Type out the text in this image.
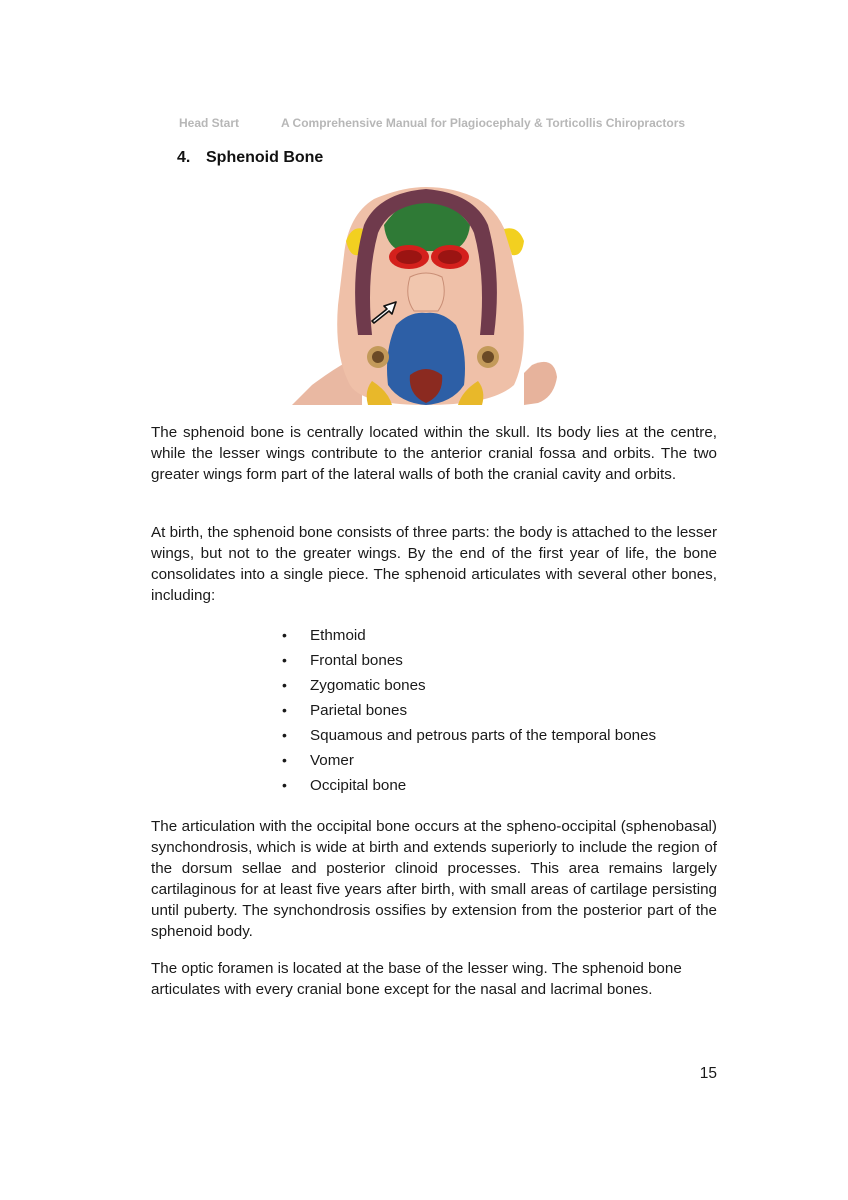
Head Start	A Comprehensive Manual for Plagiocephaly & Torticollis Chiropractors
4. Sphenoid Bone

The sphenoid bone is centrally located within the skull. Its body lies at the centre, while the lesser wings contribute to the anterior cranial fossa and orbits. The two greater wings form part of the lateral walls of both the cranial cavity and orbits.

At birth, the sphenoid bone consists of three parts: the body is attached to the lesser wings, but not to the greater wings. By the end of the first year of life, the bone consolidates into a single piece. The sphenoid articulates with several other bones, including:

• Ethmoid
• Frontal bones
• Zygomatic bones
• Parietal bones
• Squamous and petrous parts of the temporal bones
• Vomer
• Occipital bone

The articulation with the occipital bone occurs at the spheno-occipital (sphenobasal) synchondrosis, which is wide at birth and extends superiorly to include the region of the dorsum sellae and posterior clinoid processes. This area remains largely cartilaginous for at least five years after birth, with small areas of cartilage persisting until puberty. The synchondrosis ossifies by extension from the posterior part of the sphenoid body.

The optic foramen is located at the base of the lesser wing. The sphenoid bone articulates with every cranial bone except for the nasal and lacrimal bones.

15
